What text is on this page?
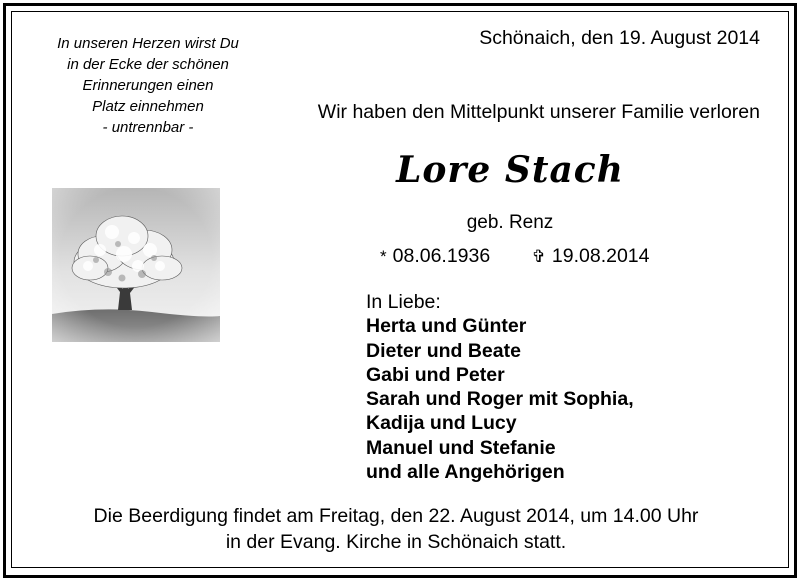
In unseren Herzen wirst Du
in der Ecke der schönen
Erinnerungen einen
Platz einnehmen
- untrennbar -
Schönaich, den 19. August 2014
Wir haben den Mittelpunkt unserer Familie verloren
Lore Stach
geb. Renz
* 08.06.1936 ✞ 19.08.2014
In Liebe:
Herta und Günter
Dieter und Beate
Gabi und Peter
Sarah und Roger mit Sophia,
Kadija und Lucy
Manuel und Stefanie
und alle Angehörigen
Die Beerdigung findet am Freitag, den 22. August 2014, um 14.00 Uhr
in der Evang. Kirche in Schönaich statt.
